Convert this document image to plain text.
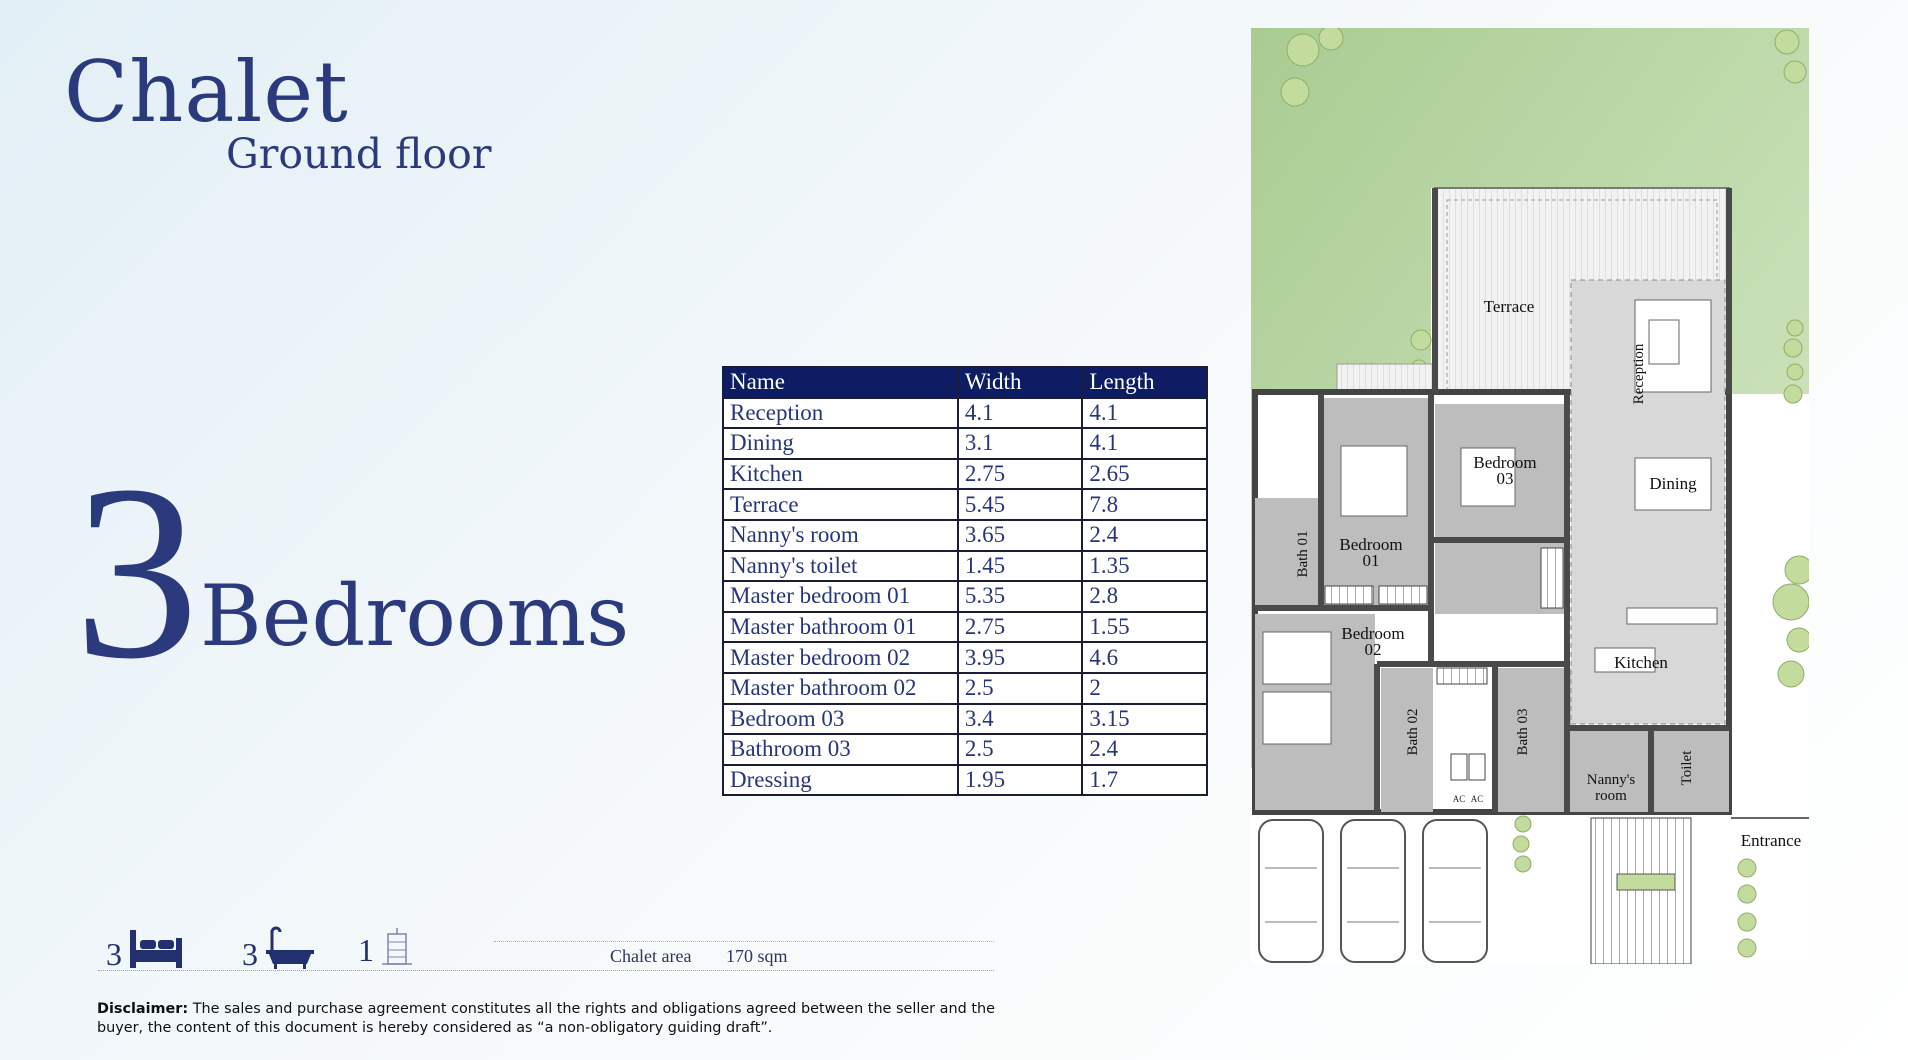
Chalet
Ground floor
3 Bedrooms
Name	Width	Length
Reception	4.1	4.1
Dining	3.1	4.1
Kitchen	2.75	2.65
Terrace	5.45	7.8
Nanny's room	3.65	2.4
Nanny's toilet	1.45	1.35
Master bedroom 01	5.35	2.8
Master bathroom 01	2.75	1.55
Master bedroom 02	3.95	4.6
Master bathroom 02	2.5	2
Bedroom 03	3.4	3.15
Bathroom 03	2.5	2.4
Dressing	1.95	1.7
3	3	1	Chalet area 170 sqm
Disclaimer: The sales and purchase agreement constitutes all the rights and obligations agreed between the seller and the buyer, the content of this document is hereby considered as “a non-obligatory guiding draft”.
AC AC
Terrace
Dining
Kitchen
Bedroom
03
Bedroom
01
Bedroom
02
Nanny's
room
Entrance
Reception
Bath 01
Bath 02	Bath 03
Toilet
